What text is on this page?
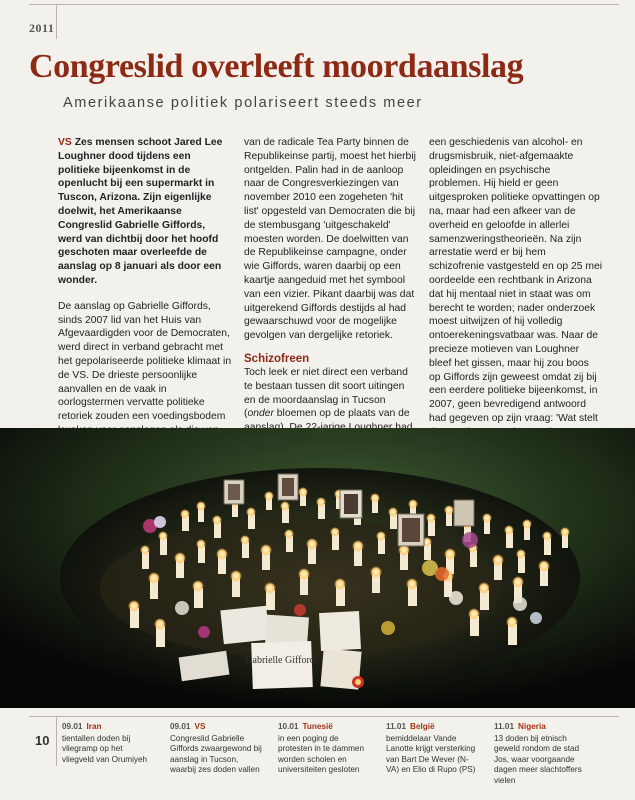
2011
Congreslid overleeft moordaanslag
Amerikaanse politiek polariseert steeds meer

VS Zes mensen schoot Jared Lee Loughner dood tijdens een politieke bijeenkomst in de openlucht bij een supermarkt in Tuscon, Arizona. Zijn eigenlijke doelwit, het Amerikaanse Congreslid Gabrielle Giffords, werd van dichtbij door het hoofd geschoten maar overleefde de aanslag op 8 januari als door een wonder.

De aanslag op Gabrielle Giffords, sinds 2007 lid van het Huis van Afgevaardigden voor de Democraten, werd direct in verband gebracht met het gepolariseerde politieke klimaat in de VS. De drieste persoonlijke aanvallen en de vaak in oorlogstermen vervatte politieke retoriek zouden een voedingsbodem

van de radicale Tea Party binnen de Republikeinse partij, moest het hierbij ontgelden. Palin had in de aanloop naar de Congresverkiezingen van november 2010 een zogeheten 'hit list' opgesteld van Democraten die bij de stembusgang 'uitgeschakeld' moesten worden. De doelwitten van de Republikeinse campagne, onder wie Giffords, waren daarbij op een kaartje aangeduid met het symbool van een vizier. Pikant daarbij was dat uitgerekend Giffords destijds al had gewaarschuwd voor de mogelijke gevolgen van dergelijke retoriek.

Schizofreen

Toch leek er niet direct een verband te bestaan tussen dit soort uitingen en de moordaanslag in Tucson (onder bloemen op de plaats van de

een geschiedenis van alcohol- en drugsmisbruik, niet-afgemaakte opleidingen en psychische problemen. Hij hield er geen uitgesproken politieke opvattingen op na, maar had een afkeer van de overheid en geloofde in allerlei samenzweringstheorieën. Na zijn arrestatie werd er bij hem schizofrenie vastgesteld en op 25 mei oordeelde een rechtbank in Arizona dat hij mentaal niet in staat was om berecht te worden; nader onderzoek moest uitwijzen of hij volledig ontoerekeningsvatbaar was. Naar de precieze motieven van Loughner bleef het gissen, maar hij zou boos op Giffords zijn geweest omdat zij bij een eerdere politieke bijeenkomst, in 2007, geen bevredigend antwoord had gegeven op zijn vraag: 'Wat stelt

Gabrielle Giffords
10
09.01 Iran
tientallen doden bij vliegramp op het vliegveld van Orumiyeh
09.01 VS
Congreslid Gabrielle Giffords zwaargewond bij aanslag in Tucson, waarbij zes doden vallen
10.01 Tunesië
in een poging de protesten in te dammen worden scholen en universiteiten gesloten
11.01 België
bemiddelaar Vande Lanotte krijgt versterking van Bart De Wever (N-VA) en Elio di Rupo (PS)
11.01 Nigeria
13 doden bij etnisch geweld rondom de stad Jos, waar voorgaande dagen meer slachtoffers vielen
